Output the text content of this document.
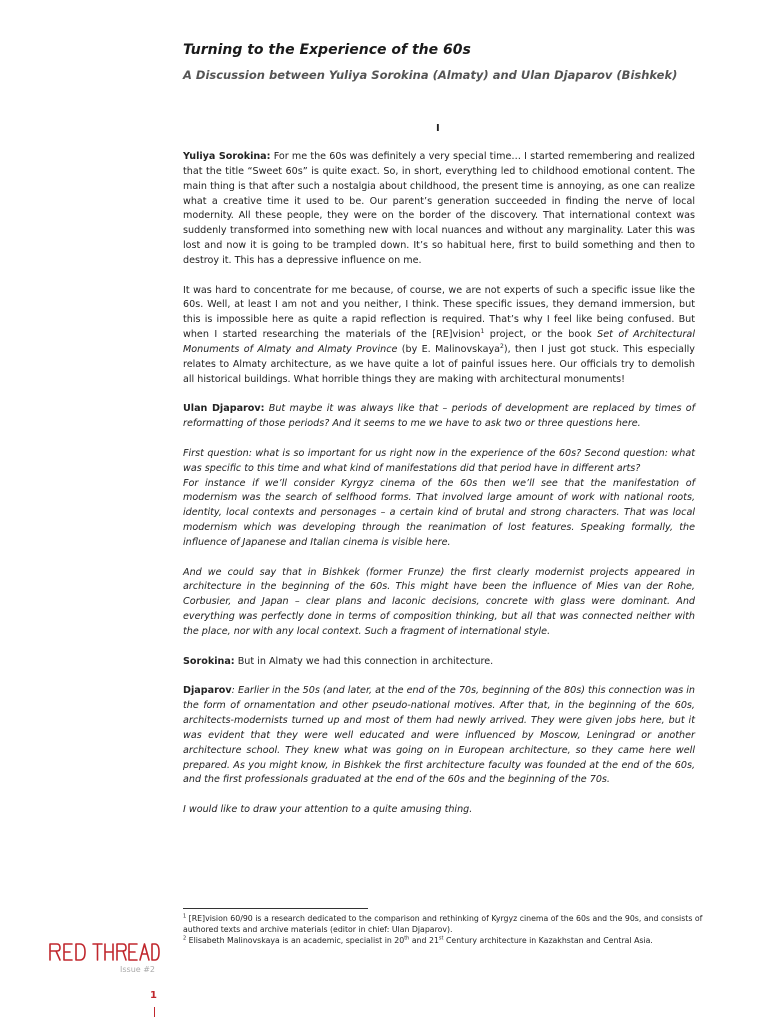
Turning to the Experience of the 60s
A Discussion between Yuliya Sorokina (Almaty) and Ulan Djaparov (Bishkek)
I

Yuliya Sorokina: For me the 60s was definitely a very special time… I started remembering and realized that the title “Sweet 60s” is quite exact. So, in short, everything led to childhood emotional content. The main thing is that after such a nostalgia about childhood, the present time is annoying, as one can realize what a creative time it used to be. Our parent’s generation succeeded in finding the nerve of local modernity. All these people, they were on the border of the discovery. That international context was suddenly transformed into something new with local nuances and without any marginality. Later this was lost and now it is going to be trampled down. It’s so habitual here, first to build something and then to destroy it. This has a depressive influence on me.

It was hard to concentrate for me because, of course, we are not experts of such a specific issue like the 60s. Well, at least I am not and you neither, I think. These specific issues, they demand immersion, but this is impossible here as quite a rapid reflection is required. That’s why I feel like being confused. But when I started researching the materials of the [RE]vision$^1$ project, or the book Set of Architectural Monuments of Almaty and Almaty Province (by E. Malinovskaya$^2$), then I just got stuck. This especially relates to Almaty architecture, as we have quite a lot of painful issues here. Our officials try to demolish all historical buildings. What horrible things they are making with architectural monuments!

Ulan Djaparov: But maybe it was always like that – periods of development are replaced by times of reformatting of those periods? And it seems to me we have to ask two or three questions here.

First question: what is so important for us right now in the experience of the 60s? Second question: what was specific to this time and what kind of manifestations did that period have in different arts?

For instance if we’ll consider Kyrgyz cinema of the 60s then we’ll see that the manifestation of modernism was the search of selfhood forms. That involved large amount of work with national roots, identity, local contexts and personages – a certain kind of brutal and strong characters. That was local modernism which was developing through the reanimation of lost features. Speaking formally, the influence of Japanese and Italian cinema is visible here.

And we could say that in Bishkek (former Frunze) the first clearly modernist projects appeared in architecture in the beginning of the 60s. This might have been the influence of Mies van der Rohe, Corbusier, and Japan – clear plans and laconic decisions, concrete with glass were dominant. And everything was perfectly done in terms of composition thinking, but all that was connected neither with the place, nor with any local context. Such a fragment of international style.

Sorokina: But in Almaty we had this connection in architecture.

Djaparov: Earlier in the 50s (and later, at the end of the 70s, beginning of the 80s) this connection was in the form of ornamentation and other pseudo-national motives. After that, in the beginning of the 60s, architects-modernists turned up and most of them had newly arrived. They were given jobs here, but it was evident that they were well educated and were influenced by Moscow, Leningrad or another architecture school. They knew what was going on in European architecture, so they came here well prepared. As you might know, in Bishkek the first architecture faculty was founded at the end of the 60s, and the first professionals graduated at the end of the 60s and the beginning of the 70s.

I would like to draw your attention to a quite amusing thing.

$^1$ [RE]vision 60/90 is a research dedicated to the comparison and rethinking of Kyrgyz cinema of the 60s and the 90s, and consists of authored texts and archive materials (editor in chief: Ulan Djaparov).
$^2$ Elisabeth Malinovskaya is an academic, specialist in 20th and 21st Century architecture in Kazakhstan and Central Asia.
Issue #2
1
